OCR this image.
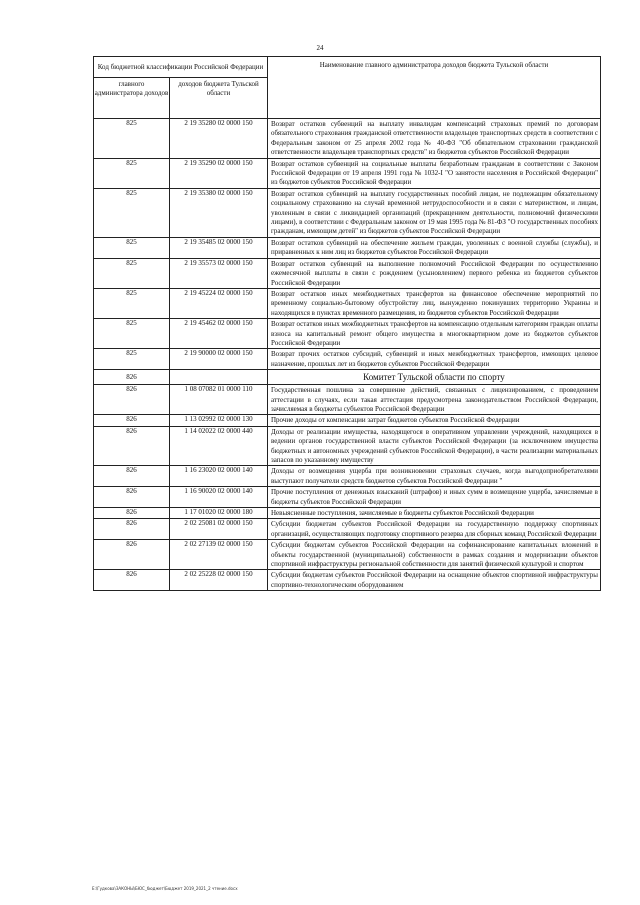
24
Код бюджетной классификации Российской Федерации		Наименование главного администратора доходов бюджета Тульской области
главного администратора доходов	доходов бюджета Тульской области	
825	2 19 35280 02 0000 150	Возврат остатков субвенций на выплату инвалидам компенсаций страховых премий по договорам обязательного страхования гражданской ответственности владельцев транспортных средств в соответствии с Федеральным законом от 25 апреля 2002 года № 40-ФЗ "Об обязательном страховании гражданской ответственности владельцев транспортных средств" из бюджетов субъектов Российской Федерации
825	2 19 35290 02 0000 150	Возврат остатков субвенций на социальные выплаты безработным гражданам в соответствии с Законом Российской Федерации от 19 апреля 1991 года № 1032-I "О занятости населения в Российской Федерации" из бюджетов субъектов Российской Федерации
825	2 19 35380 02 0000 150	Возврат остатков субвенций на выплату государственных пособий лицам, не подлежащим обязательному социальному страхованию на случай временной нетрудоспособности и в связи с материнством, и лицам, уволенным в связи с ликвидацией организаций (прекращением деятельности, полномочий физическими лицами), в соответствии с Федеральным законом от 19 мая 1995 года № 81-ФЗ "О государственных пособиях гражданам, имеющим детей" из бюджетов субъектов Российской Федерации
825	2 19 35485 02 0000 150	Возврат остатков субвенций на обеспечение жильем граждан, уволенных с военной службы (службы), и приравненных к ним лиц из бюджетов субъектов Российской Федерации
825	2 19 35573 02 0000 150	Возврат остатков субвенций на выполнение полномочий Российской Федерации по осуществлению ежемесячной выплаты в связи с рождением (усыновлением) первого ребенка из бюджетов субъектов Российской Федерации
825	2 19 45224 02 0000 150	Возврат остатков иных межбюджетных трансфертов на финансовое обеспечение мероприятий по временному социально-бытовому обустройству лиц, вынужденно покинувших территорию Украины и находящихся в пунктах временного размещения, из бюджетов субъектов Российской Федерации
825	2 19 45462 02 0000 150	Возврат остатков иных межбюджетных трансфертов на компенсацию отдельным категориям граждан оплаты взноса на капитальный ремонт общего имущества в многоквартирном доме из бюджетов субъектов Российской Федерации
825	2 19 90000 02 0000 150	Возврат прочих остатков субсидий, субвенций и иных межбюджетных трансфертов, имеющих целевое назначение, прошлых лет из бюджетов субъектов Российской Федерации
826		Комитет Тульской области по спорту
826	1 08 07082 01 0000 110	Государственная пошлина за совершение действий, связанных с лицензированием, с проведением аттестации в случаях, если такая аттестация предусмотрена законодательством Российской Федерации, зачисляемая в бюджеты субъектов Российской Федерации
826	1 13 02992 02 0000 130	Прочие доходы от компенсации затрат бюджетов субъектов Российской Федерации
826	1 14 02022 02 0000 440	Доходы от реализации имущества, находящегося в оперативном управлении учреждений, находящихся в ведении органов государственной власти субъектов Российской Федерации (за исключением имущества бюджетных и автономных учреждений субъектов Российской Федерации), в части реализации материальных запасов по указанному имуществу
826	1 16 23020 02 0000 140	Доходы от возмещения ущерба при возникновении страховых случаев, когда выгодоприобретателями выступают получатели средств бюджетов субъектов Российской Федерации "
826	1 16 90020 02 0000 140	Прочие поступления от денежных взысканий (штрафов) и иных сумм в возмещение ущерба, зачисляемые в бюджеты субъектов Российской Федерации
826	1 17 01020 02 0000 180	Невыясненные поступления, зачисляемые в бюджеты субъектов Российской Федерации
826	2 02 25081 02 0000 150	Субсидии бюджетам субъектов Российской Федерации на государственную поддержку спортивных организаций, осуществляющих подготовку спортивного резерва для сборных команд Российской Федерации
826	2 02 27139 02 0000 150	Субсидии бюджетам субъектов Российской Федерации на софинансирование капитальных вложений в объекты государственной (муниципальной) собственности в рамках создания и модернизации объектов спортивной инфраструктуры региональной собственности для занятий физической культурой и спортом
826	2 02 25228 02 0000 150	Субсидии бюджетам субъектов Российской Федерации на оснащение объектов спортивной инфраструктуры спортивно-технологическим оборудованием
Е:\Гудкова\ЗАКОНЫ\БЮС_бюджет\Бюджет 2019_2021_2 чтение.docx
